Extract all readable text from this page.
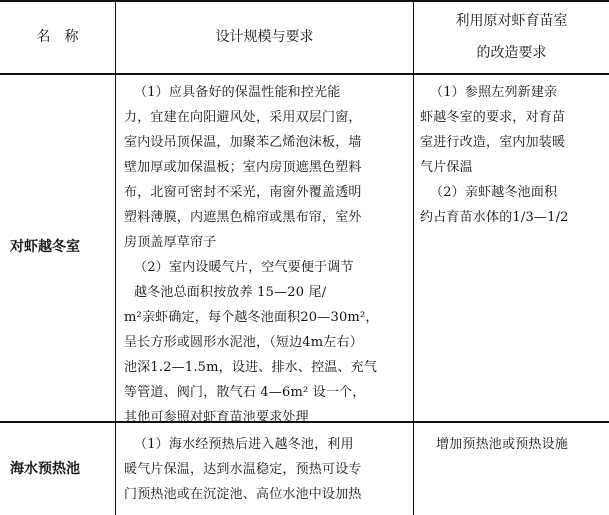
名　称	设计规模与要求
利用原对虾育苗室
的改造要求
对虾越冬室
（1）应具备好的保温性能和控光能
力，宜建在向阳避风处，采用双层门窗，
室内设吊顶保温，加聚苯乙烯泡沫板，墙
壁加厚或加保温板；室内房顶遮黑色塑料
布，北窗可密封不采光，南窗外覆盖透明
塑料薄膜，内遮黑色棉帘或黑布帘，室外
房顶盖厚草帘子
（2）室内设暖气片，空气要便于调节
越冬池总面积按放养 15—20 尾/
m²亲虾确定，每个越冬池面积20—30m²，
呈长方形或圆形水泥池，（短边4m左右）
池深1.2—1.5m，设进、排水、控温、充气
等管道、阀门，散气石 4—6m² 设一个，
其他可参照对虾育苗池要求处理
（1）参照左列新建亲
虾越冬室的要求，对育苗
室进行改造，室内加装暖
气片保温
（2）亲虾越冬池面积
约占育苗水体的1/3—1/2
海水预热池
（1）海水经预热后进入越冬池，利用
暖气片保温，达到水温稳定，预热可设专
门预热池或在沉淀池、高位水池中设加热
增加预热池或预热设施
